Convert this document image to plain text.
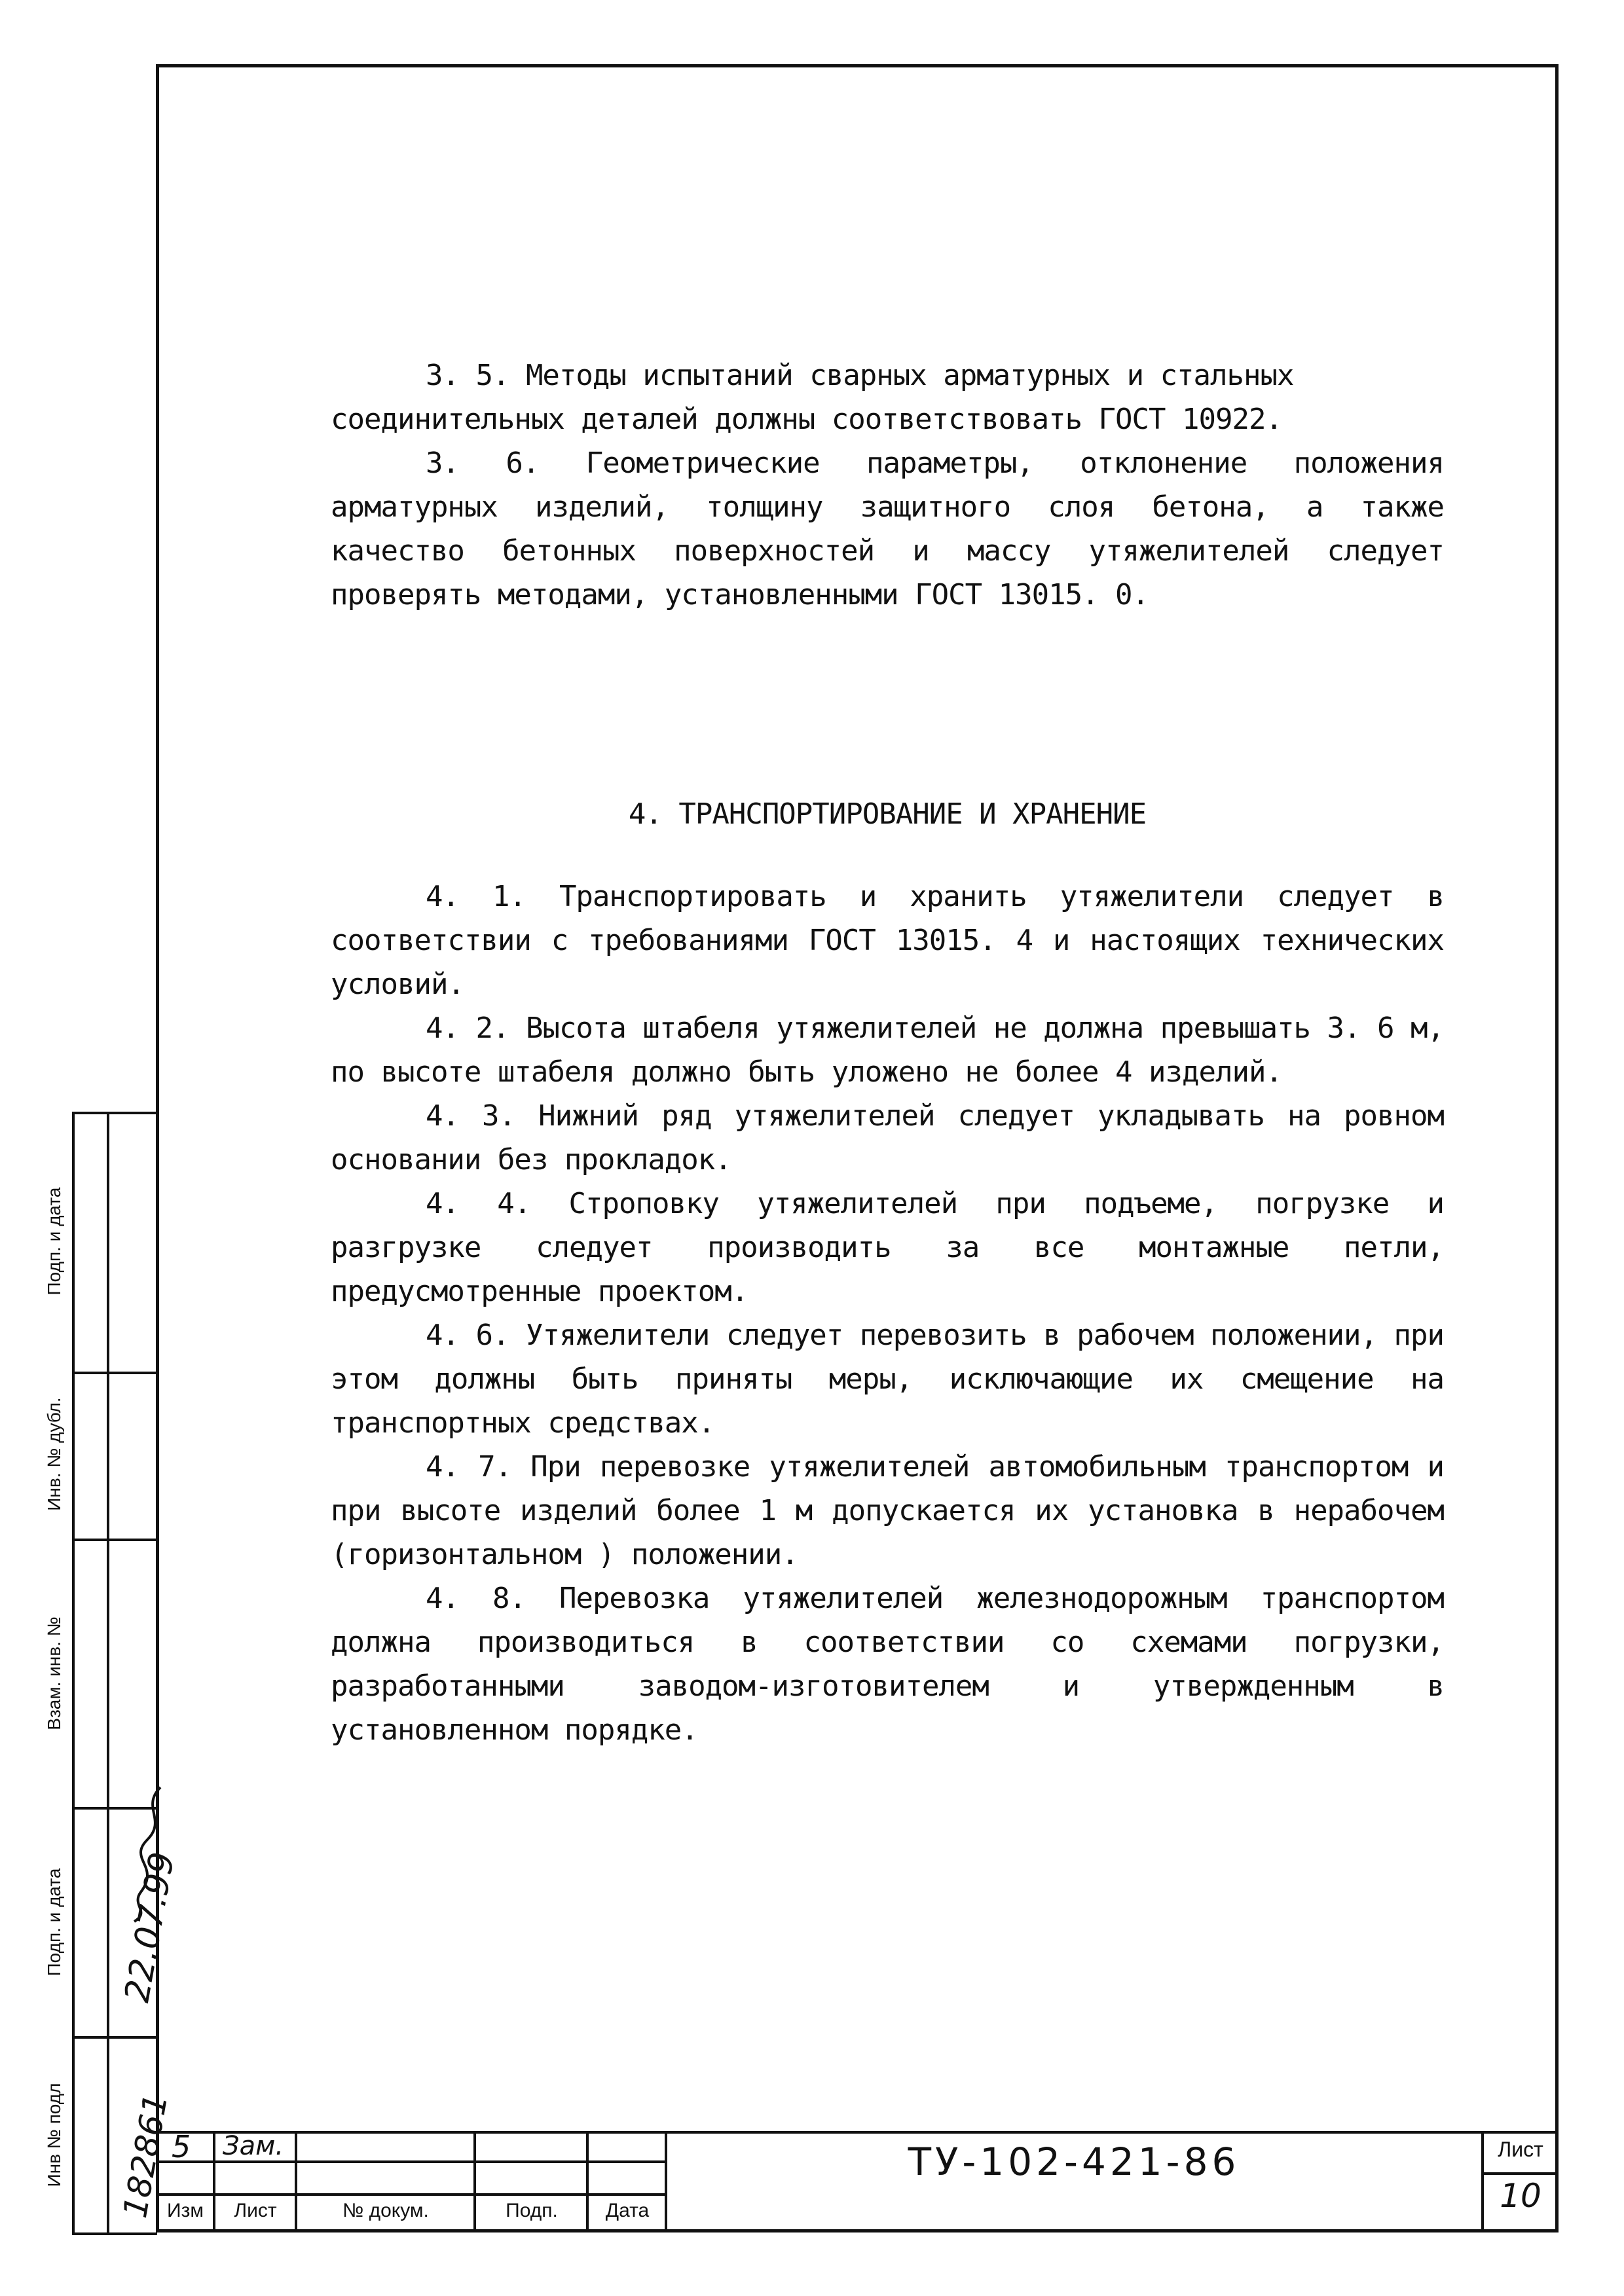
3. 5. Методы испытаний сварных арматурных и стальных

соединительных деталей должны соответствовать ГОСТ 10922.

3. 6. Геометрические параметры, отклонение положения арматурных изделий, толщину защитного слоя бетона, а также качество бетонных поверхностей и массу утяжелителей следует проверять методами, установленными ГОСТ 13015. 0.

4. ТРАНСПОРТИРОВАНИЕ И ХРАНЕНИЕ

4. 1. Транспортировать и хранить утяжелители следует в соответствии с требованиями ГОСТ 13015. 4 и настоящих технических условий.

4. 2. Высота штабеля утяжелителей не должна превышать 3. 6 м, по высоте штабеля должно быть уложено не более 4 изделий.

4. 3. Нижний ряд утяжелителей следует укладывать на ровном основании без прокладок.

4. 4. Строповку утяжелителей при подъеме, погрузке и разгрузке следует производить за все монтажные петли, предусмотренные проектом.

4. 6. Утяжелители следует перевозить в рабочем положении, при этом должны быть приняты меры, исключающие их смещение на транспортных средствах.

4. 7. При перевозке утяжелителей автомобильным транспортом и при высоте изделий более 1 м допускается их установка в нерабочем (горизонтальном ) положении.

4. 8. Перевозка утяжелителей железнодорожным транспортом должна производиться в соответствии со схемами погрузки, разработанными заводом-изготовителем и утвержденным в установленном порядке.

5 Зам.
Изм	Лист	№ докум.	Подп.	Дата
ТУ-102-421-86	Лист
10
Подп. и дата
Инв. № дубл.
Взам. инв. №
Подп. и дата
Инв № подл
22.07.99
182861
